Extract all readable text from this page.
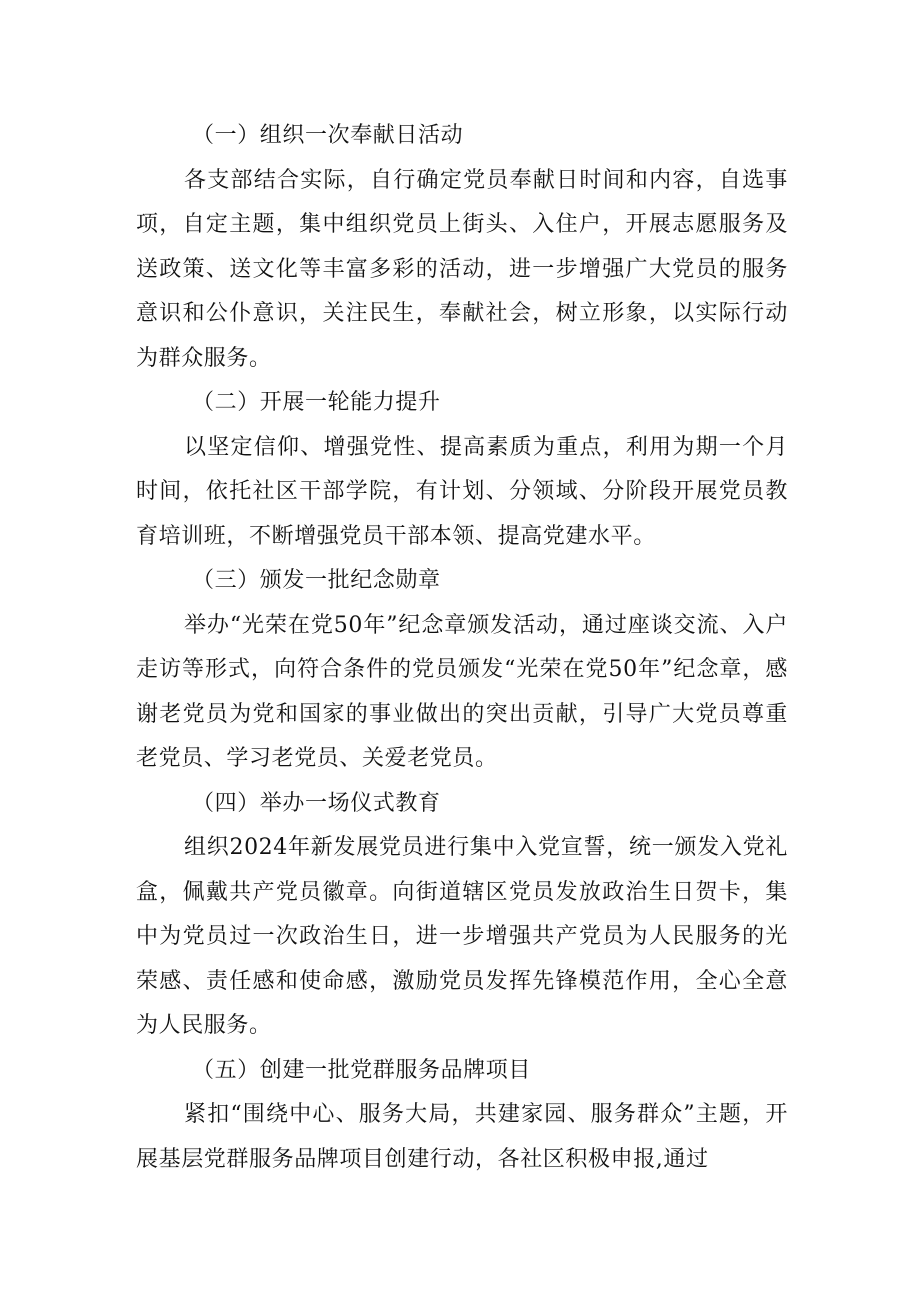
（一）组织一次奉献日活动

各支部结合实际，自行确定党员奉献日时间和内容，自选事项，自定主题，集中组织党员上街头、入住户，开展志愿服务及送政策、送文化等丰富多彩的活动，进一步增强广大党员的服务意识和公仆意识，关注民生，奉献社会，树立形象，以实际行动为群众服务。

（二）开展一轮能力提升

以坚定信仰、增强党性、提高素质为重点，利用为期一个月时间，依托社区干部学院，有计划、分领域、分阶段开展党员教育培训班，不断增强党员干部本领、提高党建水平。

（三）颁发一批纪念勋章

举办“光荣在党50年”纪念章颁发活动，通过座谈交流、入户走访等形式，向符合条件的党员颁发“光荣在党50年”纪念章，感谢老党员为党和国家的事业做出的突出贡献，引导广大党员尊重老党员、学习老党员、关爱老党员。

（四）举办一场仪式教育

组织2024年新发展党员进行集中入党宣誓，统一颁发入党礼盒，佩戴共产党员徽章。向街道辖区党员发放政治生日贺卡，集中为党员过一次政治生日，进一步增强共产党员为人民服务的光荣感、责任感和使命感，激励党员发挥先锋模范作用，全心全意为人民服务。

（五）创建一批党群服务品牌项目

紧扣“围绕中心、服务大局，共建家园、服务群众”主题，开展基层党群服务品牌项目创建行动，各社区积极申报,通过
